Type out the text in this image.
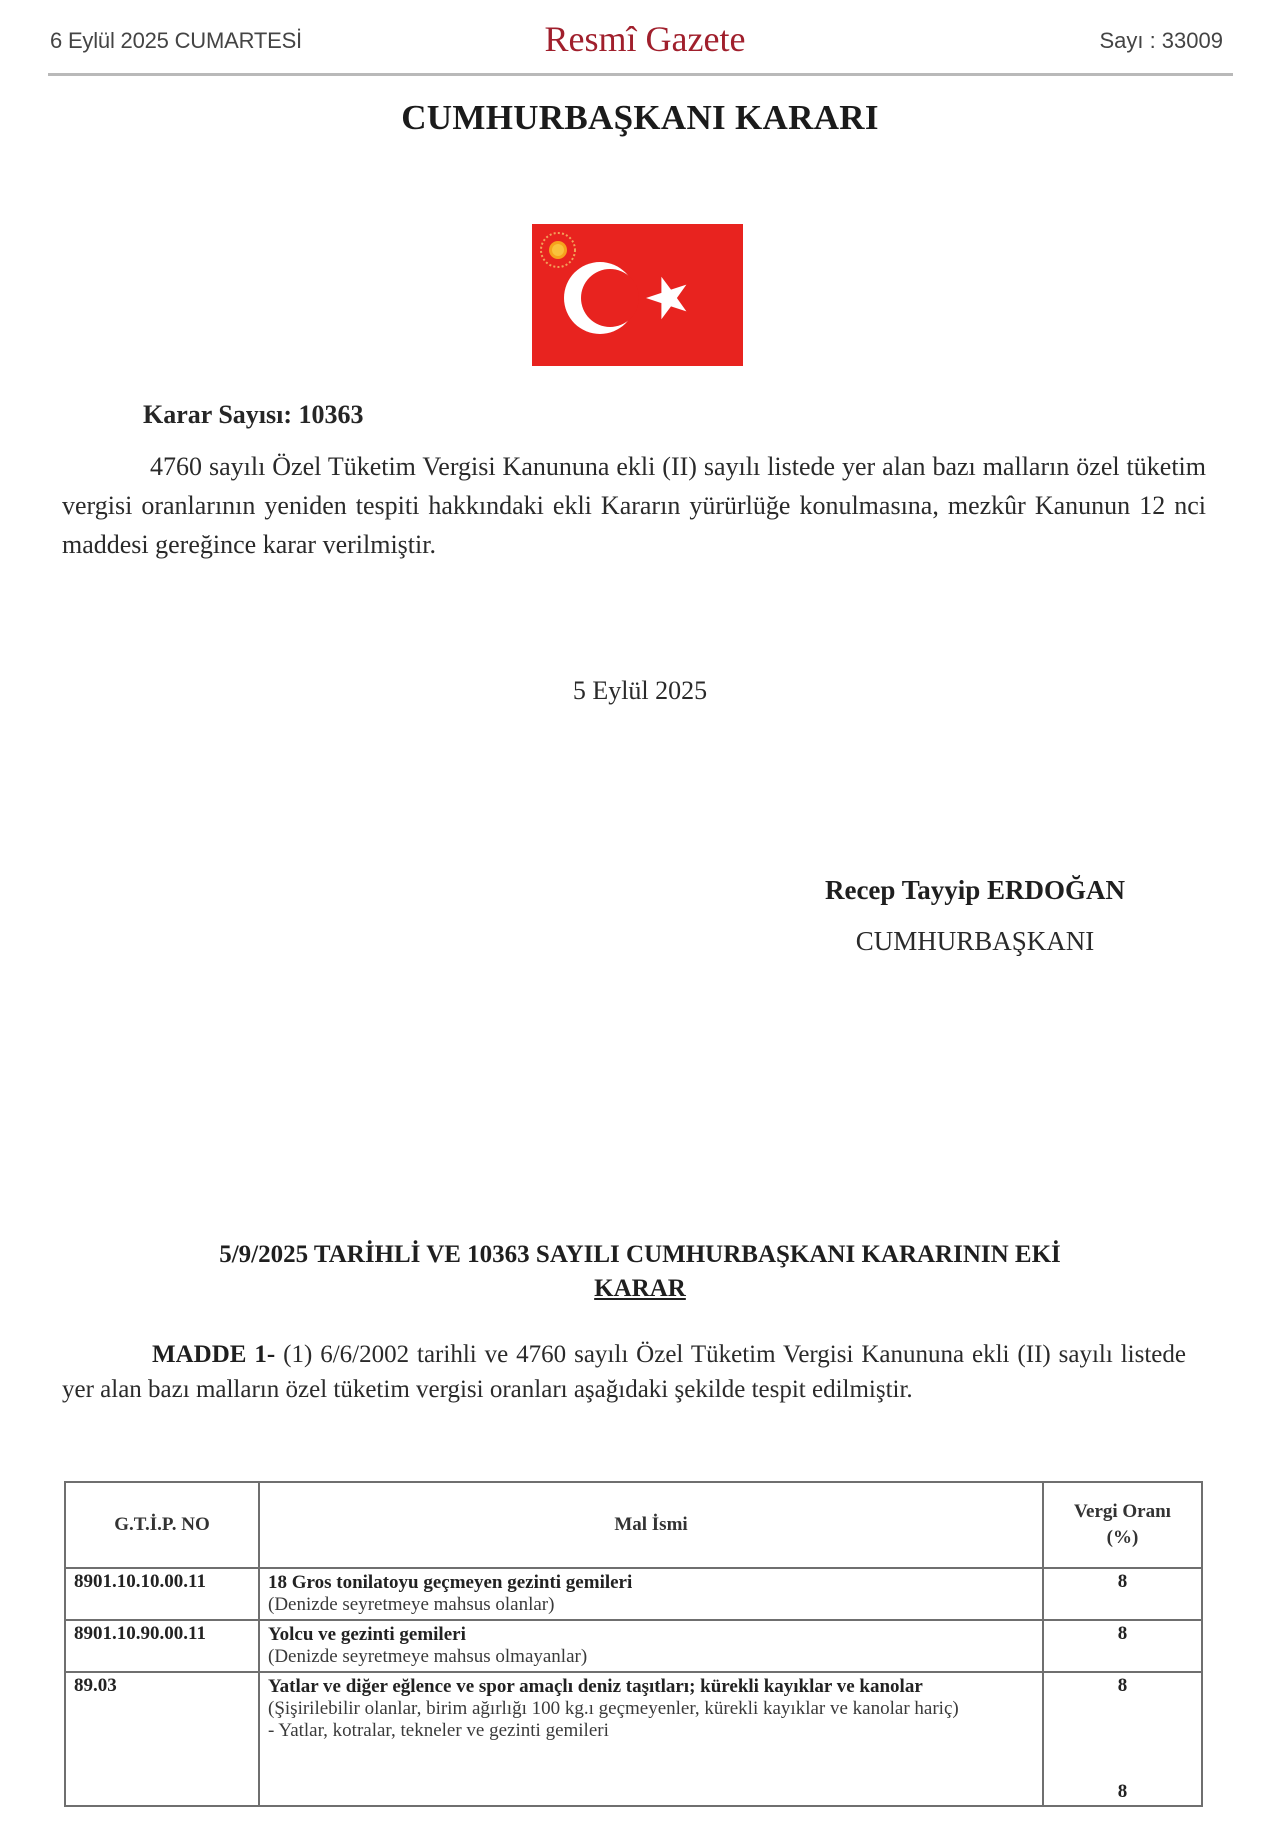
6 Eylül 2025 CUMARTESİ	Resmî Gazete	Sayı : 33009
CUMHURBAŞKANI KARARI
Karar Sayısı: 10363
4760 sayılı Özel Tüketim Vergisi Kanununa ekli (II) sayılı listede yer alan bazı malların özel tüketim vergisi oranlarının yeniden tespiti hakkındaki ekli Kararın yürürlüğe konulmasına, mezkûr Kanunun 12 nci maddesi gereğince karar verilmiştir.
5 Eylül 2025
Recep Tayyip ERDOĞAN
CUMHURBAŞKANI
5/9/2025 TARİHLİ VE 10363 SAYILI CUMHURBAŞKANI KARARININ EKİ
KARAR
MADDE 1- (1) 6/6/2002 tarihli ve 4760 sayılı Özel Tüketim Vergisi Kanununa ekli (II) sayılı listede yer alan bazı malların özel tüketim vergisi oranları aşağıdaki şekilde tespit edilmiştir.
G.T.İ.P. NO	Mal İsmi	Vergi Oranı
(%)
8901.10.10.00.11	18 Gros tonilatoyu geçmeyen gezinti gemileri
(Denizde seyretmeye mahsus olanlar)	8

8901.10.90.00.11	Yolcu ve gezinti gemileri
(Denizde seyretmeye mahsus olmayanlar)	8

89.03	Yatlar ve diğer eğlence ve spor amaçlı deniz taşıtları; kürekli kayıklar ve kanolar
(Şişirilebilir olanlar, birim ağırlığı 100 kg.ı geçmeyenler, kürekli kayıklar ve kanolar hariç)
- Yatlar, kotralar, tekneler ve gezinti gemileri	8
8
